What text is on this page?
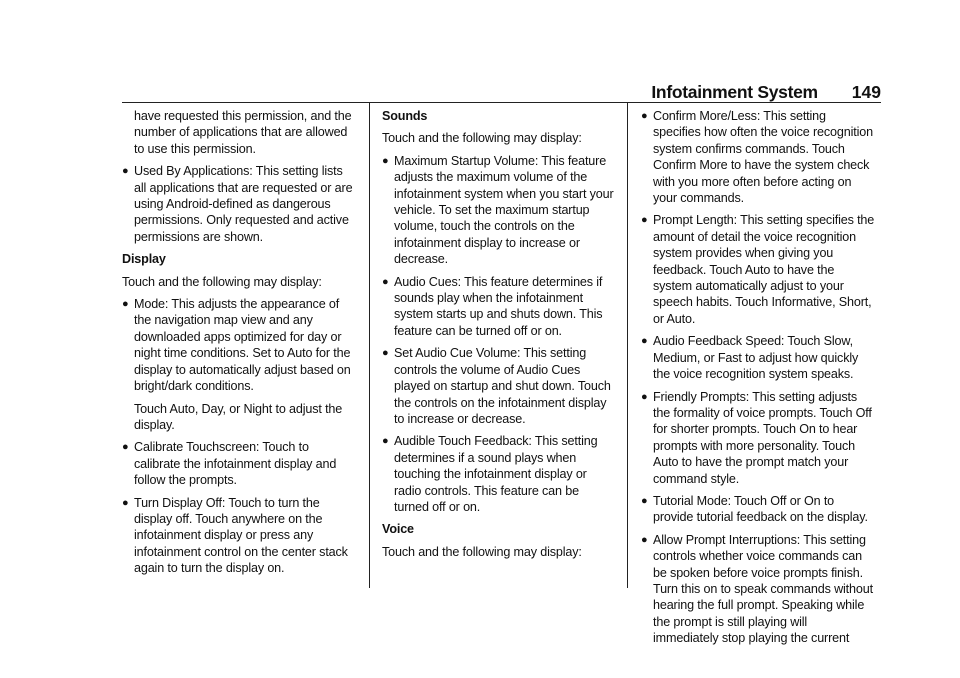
Infotainment System 149

have requested this permission, and the number of applications that are allowed to use this permission.

● Used By Applications: This setting lists all applications that are requested or are using Android-defined as dangerous permissions. Only requested and active permissions are shown.
Display

Touch and the following may display:

● Mode: This adjusts the appearance of the navigation map view and any downloaded apps optimized for day or night time conditions. Set to Auto for the display to automatically adjust based on bright/dark conditions.

Touch Auto, Day, or Night to adjust the display.

● Calibrate Touchscreen: Touch to calibrate the infotainment display and follow the prompts.
● Turn Display Off: Touch to turn the display off. Touch anywhere on the infotainment display or press any infotainment control on the center stack again to turn the display on.
Sounds

Touch and the following may display:

● Maximum Startup Volume: This feature adjusts the maximum volume of the infotainment system when you start your vehicle. To set the maximum startup volume, touch the controls on the infotainment display to increase or decrease.
● Audio Cues: This feature determines if sounds play when the infotainment system starts up and shuts down. This feature can be turned off or on.
● Set Audio Cue Volume: This setting controls the volume of Audio Cues played on startup and shut down. Touch the controls on the infotainment display to increase or decrease.
● Audible Touch Feedback: This setting determines if a sound plays when touching the infotainment display or radio controls. This feature can be turned off or on.
Voice

Touch and the following may display:

● Confirm More/Less: This setting specifies how often the voice recognition system confirms commands. Touch Confirm More to have the system check with you more often before acting on your commands.
● Prompt Length: This setting specifies the amount of detail the voice recognition system provides when giving you feedback. Touch Auto to have the system automatically adjust to your speech habits. Touch Informative, Short, or Auto.
● Audio Feedback Speed: Touch Slow, Medium, or Fast to adjust how quickly the voice recognition system speaks.
● Friendly Prompts: This setting adjusts the formality of voice prompts. Touch Off for shorter prompts. Touch On to hear prompts with more personality. Touch Auto to have the prompt match your command style.
● Tutorial Mode: Touch Off or On to provide tutorial feedback on the display.
● Allow Prompt Interruptions: This setting controls whether voice commands can be spoken before voice prompts finish. Turn this on to speak commands without hearing the full prompt. Speaking while the prompt is still playing will immediately stop playing the current
